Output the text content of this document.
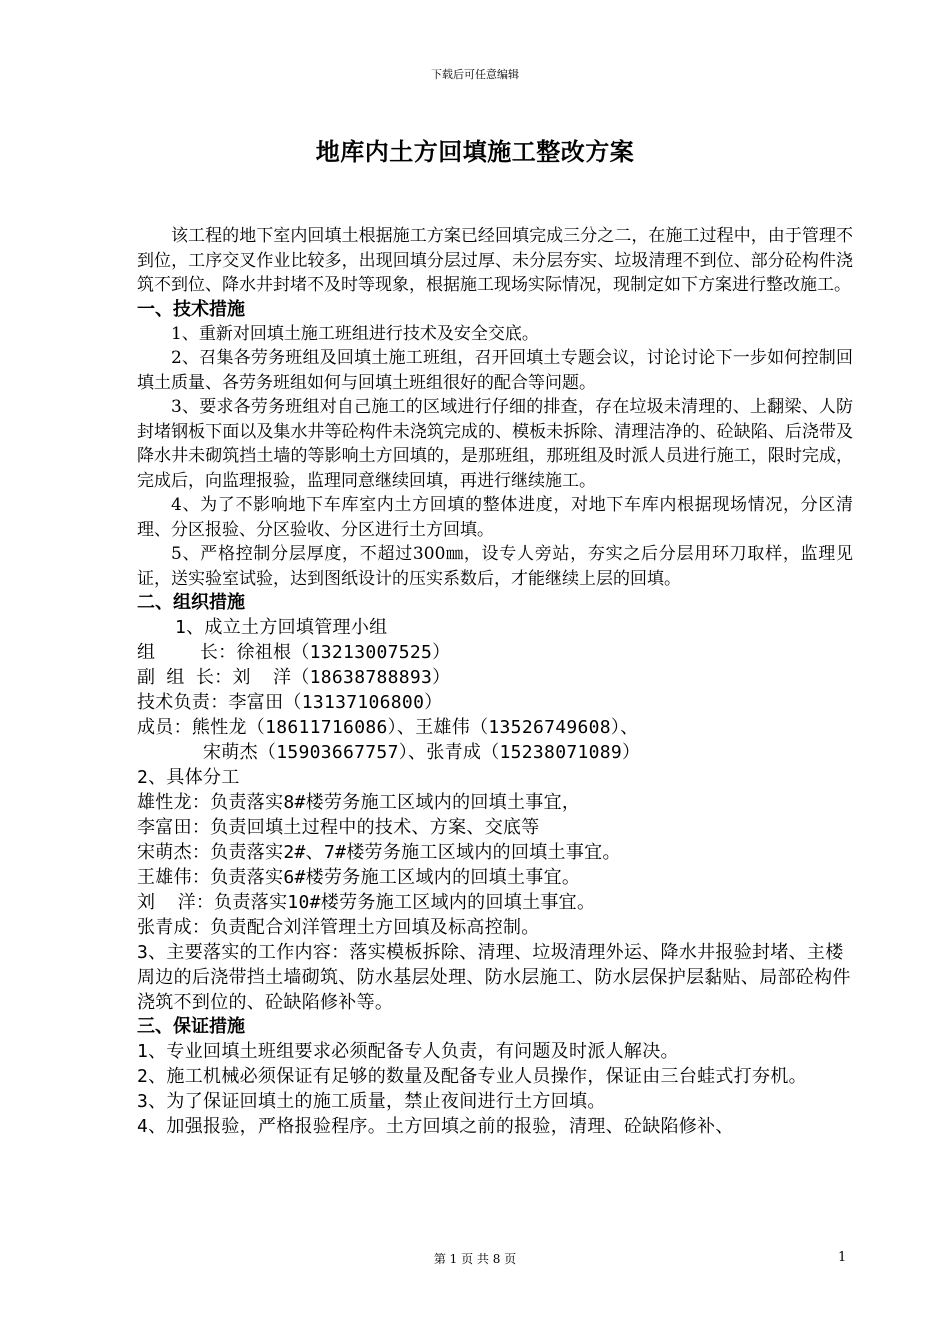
下载后可任意编辑
地库内土方回填施工整改方案

该工程的地下室内回填土根据施工方案已经回填完成三分之二，在施工过程中，由于管理不到位，工序交叉作业比较多，出现回填分层过厚、未分层夯实、垃圾清理不到位、部分砼构件浇筑不到位、降水井封堵不及时等现象，根据施工现场实际情况，现制定如下方案进行整改施工。

一、技术措施

1、重新对回填土施工班组进行技术及安全交底。

2、召集各劳务班组及回填土施工班组，召开回填土专题会议，讨论讨论下一步如何控制回填土质量、各劳务班组如何与回填土班组很好的配合等问题。

3、要求各劳务班组对自己施工的区域进行仔细的排查，存在垃圾未清理的、上翻梁、人防封堵钢板下面以及集水井等砼构件未浇筑完成的、模板未拆除、清理洁净的、砼缺陷、后浇带及降水井未砌筑挡土墙的等影响土方回填的，是那班组，那班组及时派人员进行施工，限时完成，完成后，向监理报验，监理同意继续回填，再进行继续施工。

4、为了不影响地下车库室内土方回填的整体进度，对地下车库内根据现场情况，分区清理、分区报验、分区验收、分区进行土方回填。

5、严格控制分层厚度，不超过300㎜，设专人旁站，夯实之后分层用环刀取样，监理见证，送实验室试验，达到图纸设计的压实系数后，才能继续上层的回填。

二、组织措施

1、成立土方回填管理小组

组    长：徐祖根（13213007525）

副 组 长：刘  洋（18638788893）

技术负责：李富田（13137106800）

成员：熊性龙（18611716086）、王雄伟（13526749608）、

宋萌杰（15903667757）、张青成（15238071089）

2、具体分工

雄性龙：负责落实8#楼劳务施工区域内的回填土事宜，

李富田：负责回填土过程中的技术、方案、交底等

宋萌杰：负责落实2#、7#楼劳务施工区域内的回填土事宜。

王雄伟：负责落实6#楼劳务施工区域内的回填土事宜。

刘  洋：负责落实10#楼劳务施工区域内的回填土事宜。

张青成：负责配合刘洋管理土方回填及标高控制。

3、主要落实的工作内容：落实模板拆除、清理、垃圾清理外运、降水井报验封堵、主楼周边的后浇带挡土墙砌筑、防水基层处理、防水层施工、防水层保护层黏贴、局部砼构件浇筑不到位的、砼缺陷修补等。

三、保证措施

1、专业回填土班组要求必须配备专人负责，有问题及时派人解决。

2、施工机械必须保证有足够的数量及配备专业人员操作，保证由三台蛙式打夯机。

3、为了保证回填土的施工质量，禁止夜间进行土方回填。

4、加强报验，严格报验程序。土方回填之前的报验，清理、砼缺陷修补、

第 1 页 共 8 页	1
